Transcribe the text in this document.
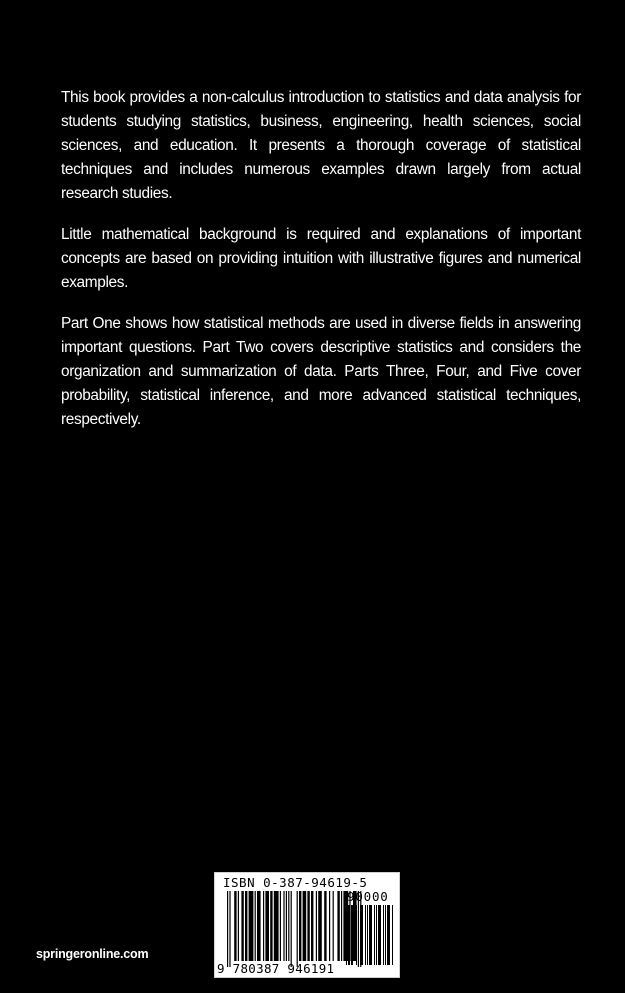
This book provides a non-calculus introduction to statistics and data analysis for students studying statistics, business, engineering, health sciences, social sciences, and education. It presents a thorough coverage of statistical techniques and includes numerous examples drawn largely from actual research studies.

Little mathematical background is required and explanations of important concepts are based on providing intuition with illustrative figures and numerical examples.

Part One shows how statistical methods are used in diverse fields in answering important questions. Part Two covers descriptive statistics and considers the organization and summarization of data. Parts Three, Four, and Five cover probability, statistical inference, and more advanced statistical techniques, respectively.

springeronline.com
ISBN 0-387-94619-5
90000
9 780387 946191
